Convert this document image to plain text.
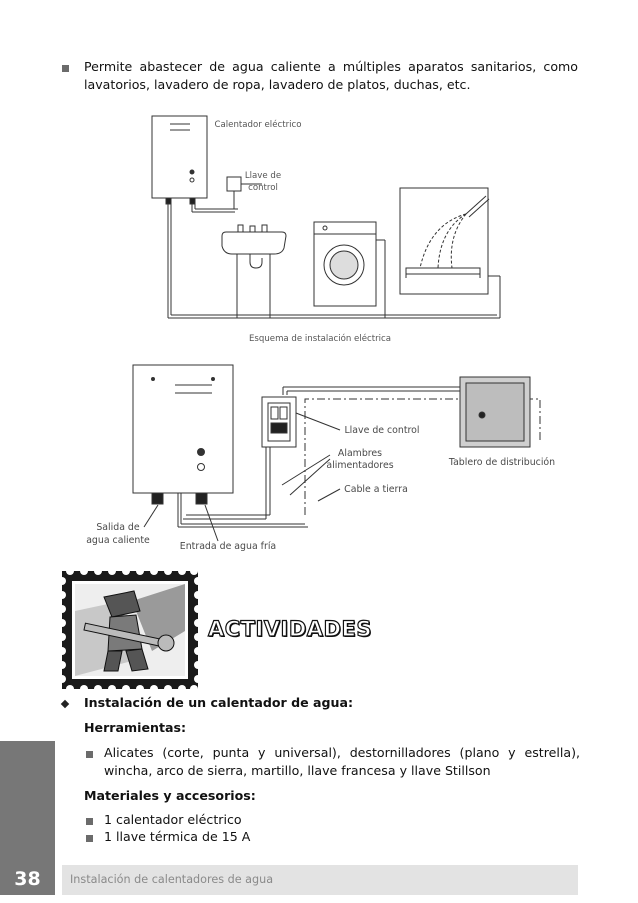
Permite abastecer de agua caliente a múltiples aparatos sanitarios, como lavatorios, lavadero de ropa, lavadero de platos, duchas, etc.
Calentador eléctrico
Llave de
control
Esquema de instalación eléctrica
Llave de control
Alambres
alimentadores
Cable a tierra
Tablero de distribución
Salida de
agua caliente
Entrada de agua fría
ACTIVIDADES
Instalación de un calentador de agua:
Herramientas:
Alicates (corte, punta y universal), destornilladores (plano y estrella), wincha, arco de sierra, martillo, llave francesa y llave Stillson
Materiales y accesorios:
1 calentador eléctrico
1 llave térmica de 15 A
38	Instalación de calentadores de agua
